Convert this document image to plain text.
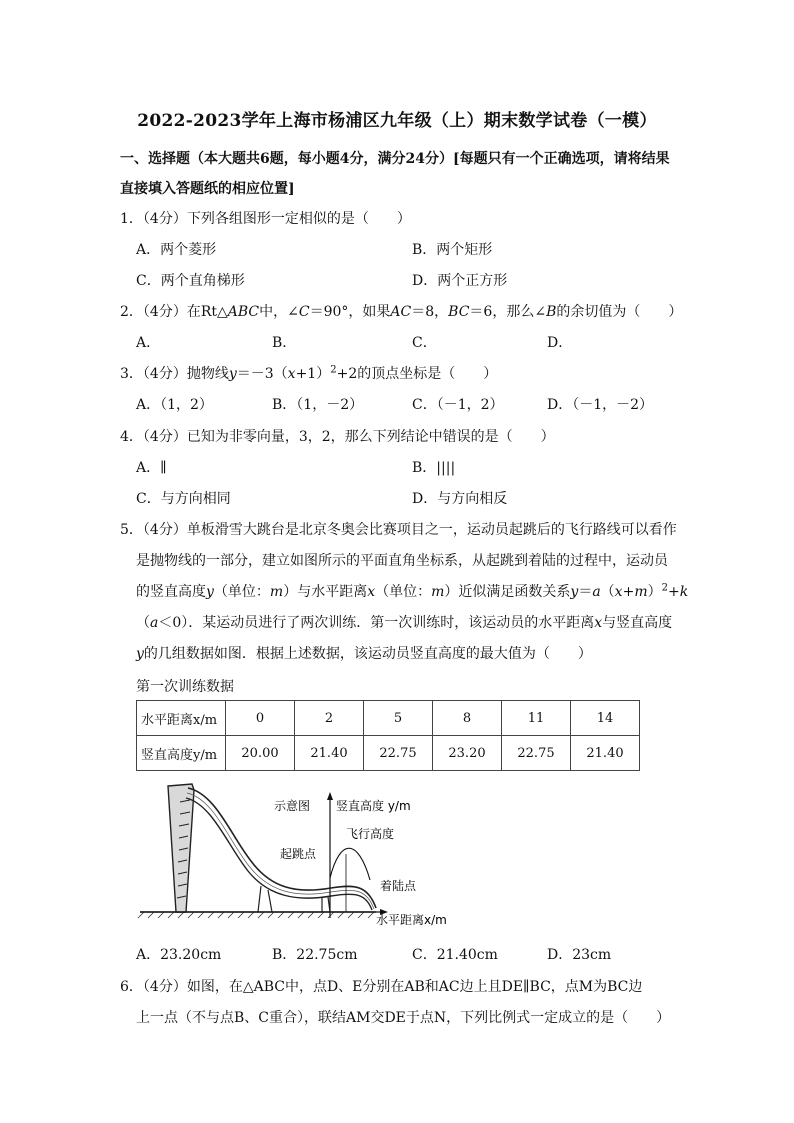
2022-2023学年上海市杨浦区九年级（上）期末数学试卷（一模）
一、选择题（本大题共6题，每小题4分，满分24分）[每题只有一个正确选项，请将结果
直接填入答题纸的相应位置]
1．（4分）下列各组图形一定相似的是（　　）
A．两个菱形	B．两个矩形
C．两个直角梯形	D．两个正方形
2．（4分）在Rt△ABC中，∠C＝90°，如果AC＝8，BC＝6，那么∠B的余切值为（　　）
A．	B．	C．	D．
3．（4分）抛物线$y=-3(x+1)^2+2$的顶点坐标是（　　）
A．（1，2）	B．（1，－2）	C．（－1，2）	D．（－1，－2）
4．（4分）已知为非零向量，3，2，那么下列结论中错误的是（　　）
A．∥	B．||||
C．与方向相同	D．与方向相反
5．（4分）单板滑雪大跳台是北京冬奥会比赛项目之一，运动员起跳后的飞行路线可以看作
是抛物线的一部分，建立如图所示的平面直角坐标系，从起跳到着陆的过程中，运动员
的竖直高度y（单位：m）与水平距离x（单位：m）近似满足函数关系$y=a(x+m)^2+k$
（a＜0）．某运动员进行了两次训练．第一次训练时，该运动员的水平距离x与竖直高度
y的几组数据如图．根据上述数据，该运动员竖直高度的最大值为（　　）
第一次训练数据
水平距离x/m	0	2	5	8	11	14
竖直高度y/m	20.00	21.40	22.75	23.20	22.75	21.40
示意图 竖直高度 y/m
飞行高度
起跳点
着陆点
水平距离x/m
A．23.20cm	B．22.75cm	C．21.40cm	D．23cm
6．（4分）如图，在△ABC中，点D、E分别在AB和AC边上且DE∥BC，点M为BC边
上一点（不与点B、C重合），联结AM交DE于点N，下列比例式一定成立的是（　　）
